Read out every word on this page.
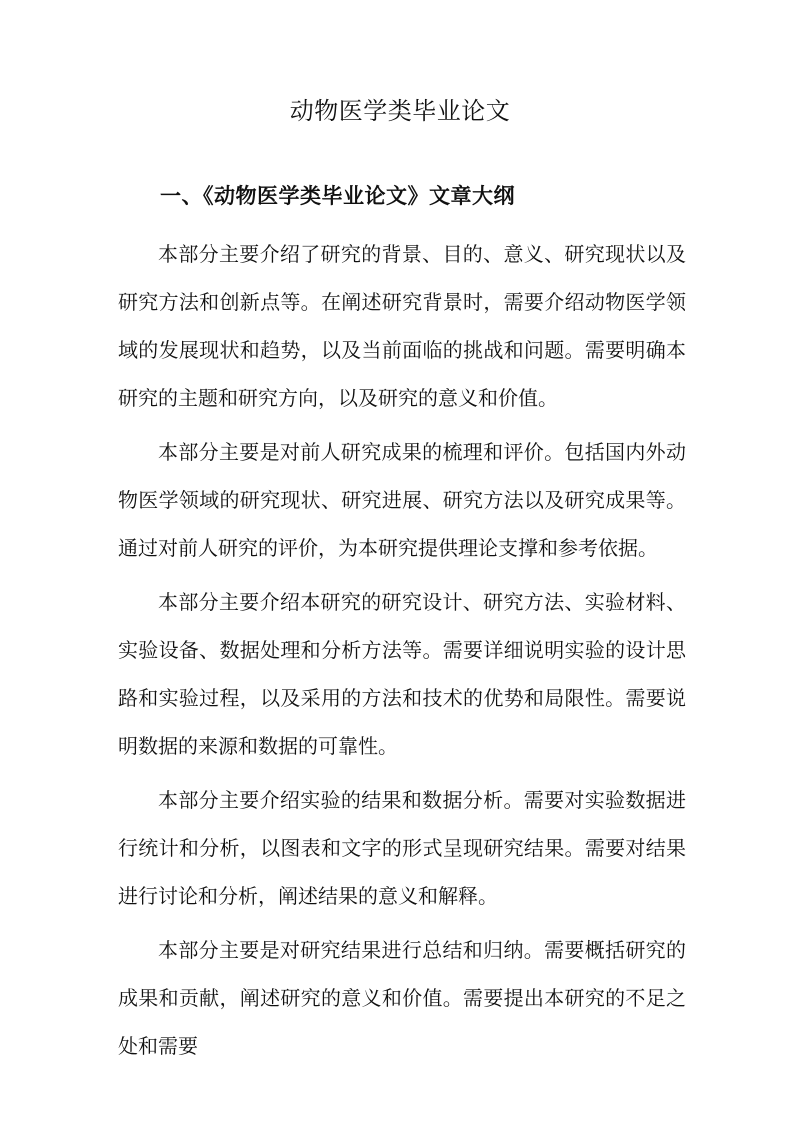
动物医学类毕业论文
一、《动物医学类毕业论文》文章大纲

本部分主要介绍了研究的背景、目的、意义、研究现状以及研究方法和创新点等。在阐述研究背景时，需要介绍动物医学领域的发展现状和趋势，以及当前面临的挑战和问题。需要明确本研究的主题和研究方向，以及研究的意义和价值。

本部分主要是对前人研究成果的梳理和评价。包括国内外动物医学领域的研究现状、研究进展、研究方法以及研究成果等。通过对前人研究的评价，为本研究提供理论支撑和参考依据。

本部分主要介绍本研究的研究设计、研究方法、实验材料、实验设备、数据处理和分析方法等。需要详细说明实验的设计思路和实验过程，以及采用的方法和技术的优势和局限性。需要说明数据的来源和数据的可靠性。

本部分主要介绍实验的结果和数据分析。需要对实验数据进行统计和分析，以图表和文字的形式呈现研究结果。需要对结果进行讨论和分析，阐述结果的意义和解释。

本部分主要是对研究结果进行总结和归纳。需要概括研究的成果和贡献，阐述研究的意义和价值。需要提出本研究的不足之处和需要
